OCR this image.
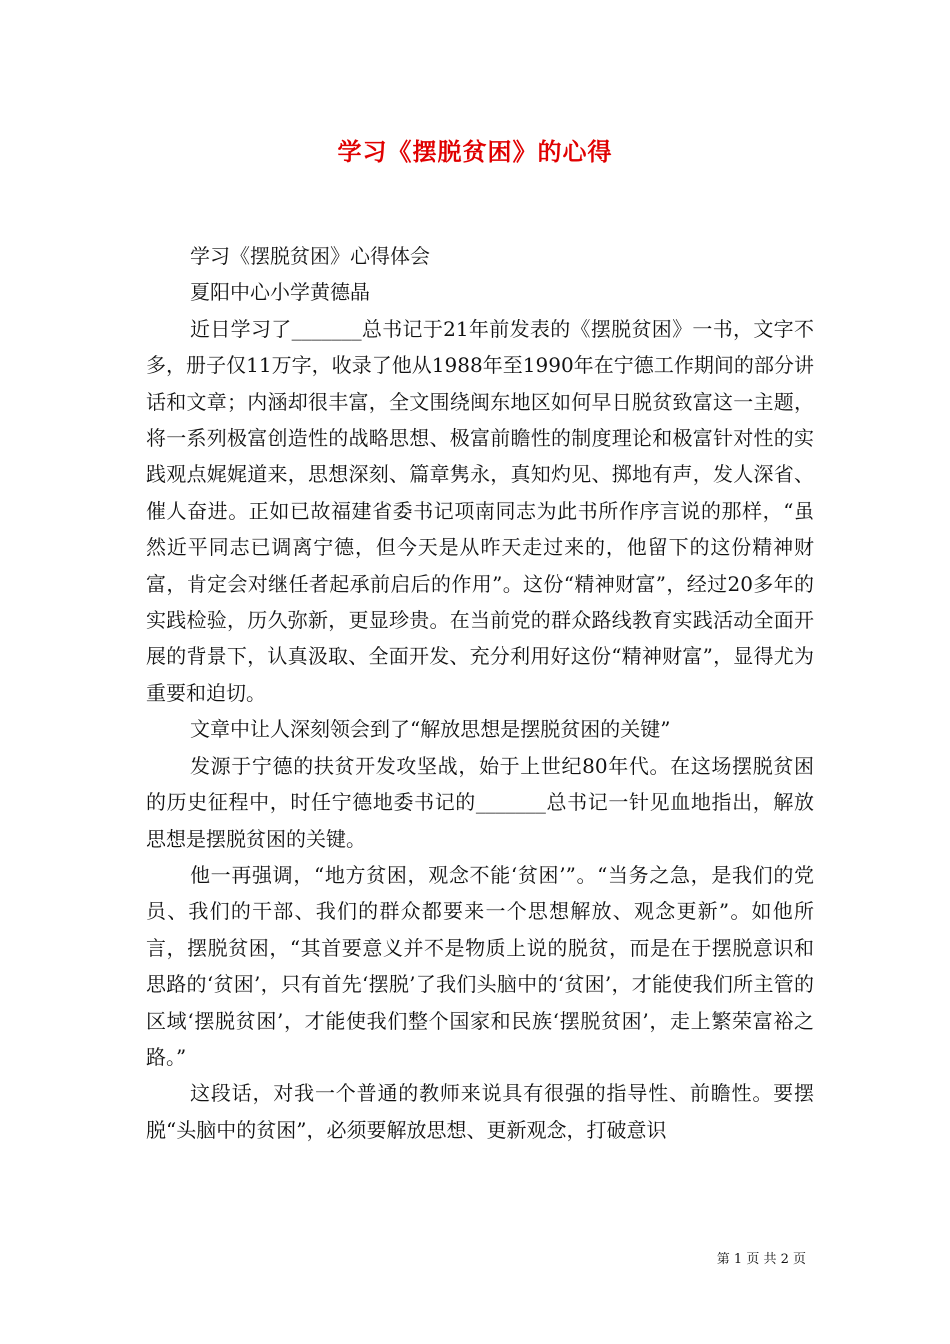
学习《摆脱贫困》的心得

学习《摆脱贫困》心得体会

夏阳中心小学黄德晶

近日学习了_______总书记于21年前发表的《摆脱贫困》一书，文字不多，册子仅11万字，收录了他从1988年至1990年在宁德工作期间的部分讲话和文章；内涵却很丰富，全文围绕闽东地区如何早日脱贫致富这一主题，将一系列极富创造性的战略思想、极富前瞻性的制度理论和极富针对性的实践观点娓娓道来，思想深刻、篇章隽永，真知灼见、掷地有声，发人深省、催人奋进。正如已故福建省委书记项南同志为此书所作序言说的那样，“虽然近平同志已调离宁德，但今天是从昨天走过来的，他留下的这份精神财富，肯定会对继任者起承前启后的作用”。这份“精神财富”，经过20多年的实践检验，历久弥新，更显珍贵。在当前党的群众路线教育实践活动全面开展的背景下，认真汲取、全面开发、充分利用好这份“精神财富”，显得尤为重要和迫切。

文章中让人深刻领会到了“解放思想是摆脱贫困的关键”

发源于宁德的扶贫开发攻坚战，始于上世纪80年代。在这场摆脱贫困的历史征程中，时任宁德地委书记的_______总书记一针见血地指出，解放思想是摆脱贫困的关键。

他一再强调，“地方贫困，观念不能‘贫困’”。“当务之急，是我们的党员、我们的干部、我们的群众都要来一个思想解放、观念更新”。如他所言，摆脱贫困，“其首要意义并不是物质上说的脱贫，而是在于摆脱意识和思路的‘贫困’，只有首先‘摆脱’了我们头脑中的‘贫困’，才能使我们所主管的区域‘摆脱贫困’，才能使我们整个国家和民族‘摆脱贫困’，走上繁荣富裕之路。”

这段话，对我一个普通的教师来说具有很强的指导性、前瞻性。要摆脱“头脑中的贫困”，必须要解放思想、更新观念，打破意识

第 1 页 共 2 页
